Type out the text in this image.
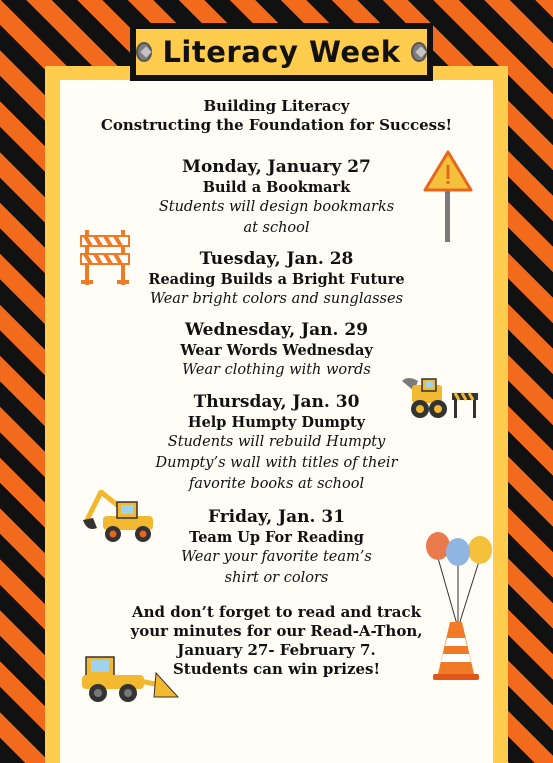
Literacy Week
Building Literacy
Constructing the Foundation for Success!
Monday, January 27
Build a Bookmark
Students will design bookmarks
at school
Tuesday, Jan. 28
Reading Builds a Bright Future
Wear bright colors and sunglasses
Wednesday, Jan. 29
Wear Words Wednesday
Wear clothing with words
Thursday, Jan. 30
Help Humpty Dumpty
Students will rebuild Humpty
Dumpty’s wall with titles of their
favorite books at school
Friday, Jan. 31
Team Up For Reading
Wear your favorite team’s
shirt or colors
And don’t forget to read and track
your minutes for our Read-A-Thon,
January 27- February 7.
Students can win prizes!
